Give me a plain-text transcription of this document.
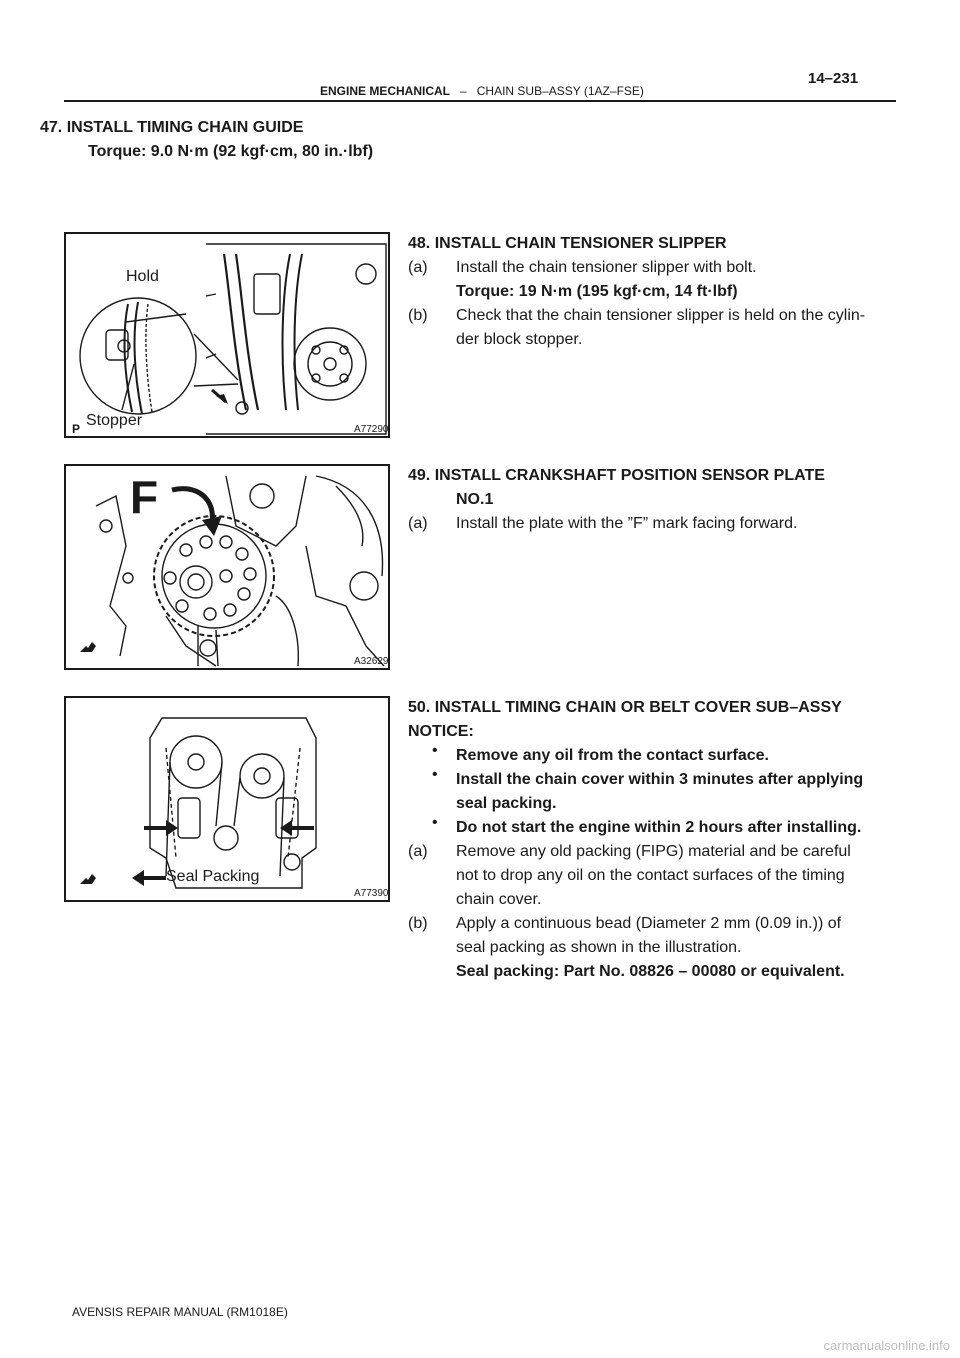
ENGINE MECHANICAL – CHAIN SUB–ASSY (1AZ–FSE)
14–231
47. INSTALL TIMING CHAIN GUIDE
Torque: 9.0 N·m (92 kgf·cm, 80 in.·lbf)
Hold
Stopper
P	A77290
48. INSTALL CHAIN TENSIONER SLIPPER
(a) Install the chain tensioner slipper with bolt.
Torque: 19 N·m (195 kgf·cm, 14 ft·lbf)
(b) Check that the chain tensioner slipper is held on the cylin-
der block stopper.
F
A32629
49. INSTALL CRANKSHAFT POSITION SENSOR PLATE
NO.1
(a) Install the plate with the ”F” mark facing forward.
Seal Packing
A77390
50. INSTALL TIMING CHAIN OR BELT COVER SUB–ASSY
NOTICE:
• Remove any oil from the contact surface.
• Install the chain cover within 3 minutes after applying
seal packing.
• Do not start the engine within 2 hours after installing.
(a) Remove any old packing (FIPG) material and be careful
not to drop any oil on the contact surfaces of the timing
chain cover.
(b) Apply a continuous bead (Diameter 2 mm (0.09 in.)) of
seal packing as shown in the illustration.
Seal packing: Part No. 08826 – 00080 or equivalent.
AVENSIS REPAIR MANUAL (RM1018E)
carmanualsonline.info
